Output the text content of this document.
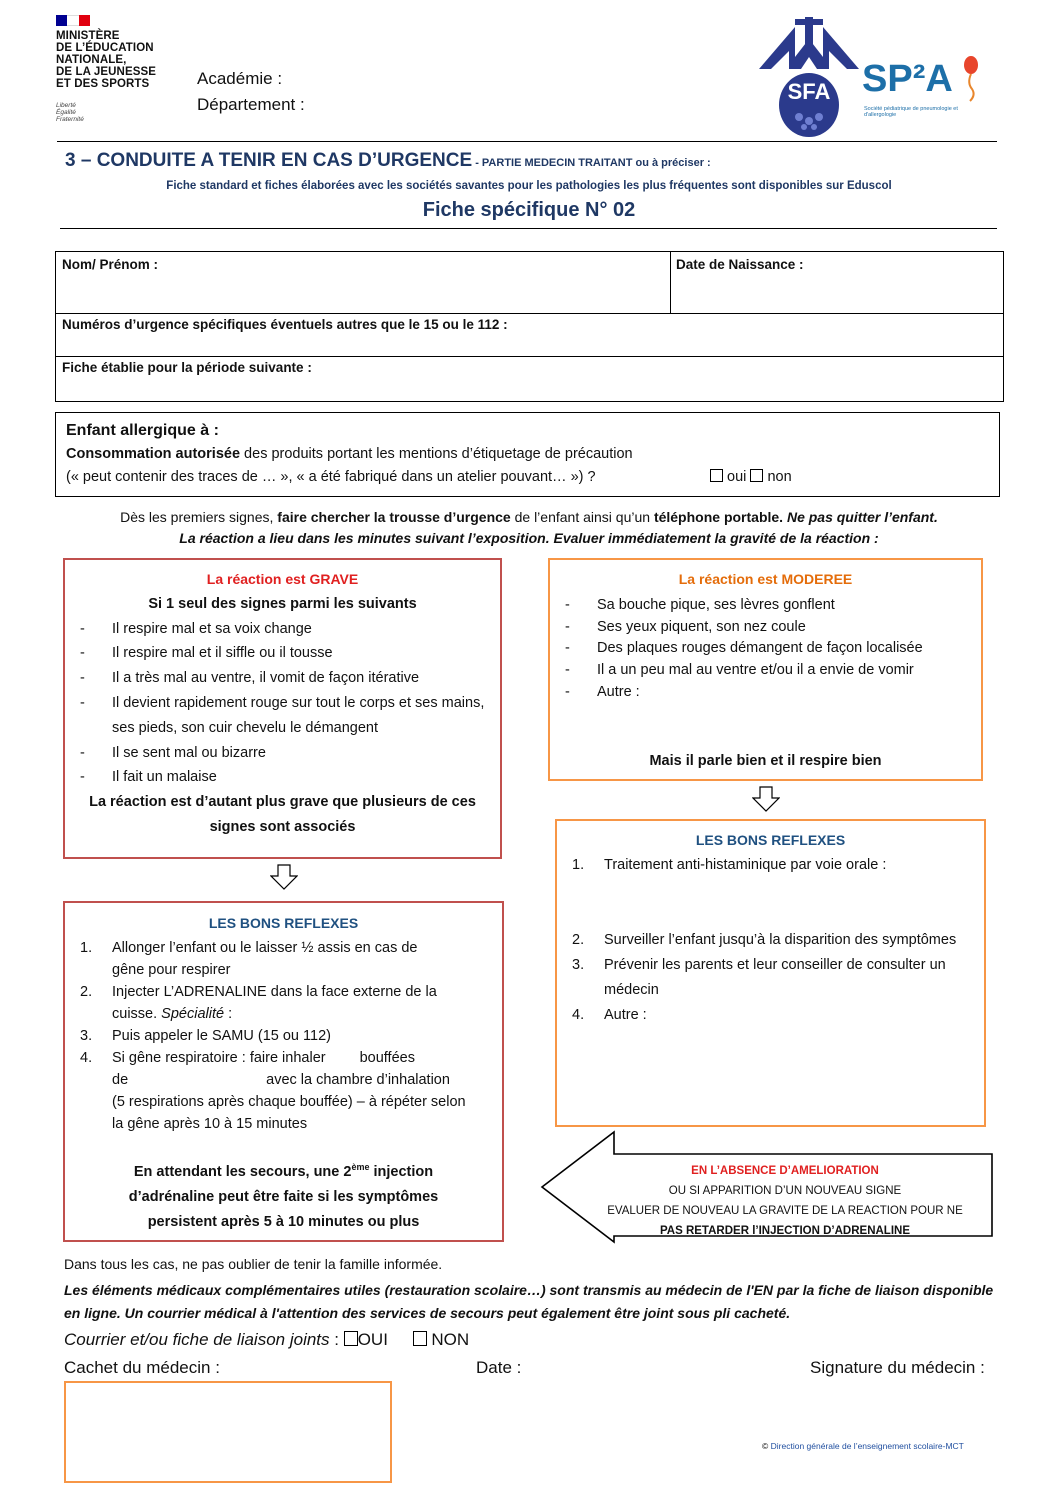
MINISTÈRE
DE L’ÉDUCATION
NATIONALE,
DE LA JEUNESSE
ET DES SPORTS
Liberté
Égalité
Fraternité
Académie :
Département :
SFA SP²A
Société pédiatrique de pneumologie et d'allergologie
3 – CONDUITE A TENIR EN CAS D’URGENCE - PARTIE MEDECIN TRAITANT ou à préciser :
Fiche standard et fiches élaborées avec les sociétés savantes pour les pathologies les plus fréquentes sont disponibles sur Eduscol
Fiche spécifique N° 02
Nom/ Prénom :	Date de Naissance :
Numéros d’urgence spécifiques éventuels autres que le 15 ou le 112 :
Fiche établie pour la période suivante :
Enfant allergique à :
Consommation autorisée des produits portant les mentions d’étiquetage de précaution
(« peut contenir des traces de … », « a été fabriqué dans un atelier pouvant… ») ?	oui non
Dès les premiers signes, faire chercher la trousse d’urgence de l’enfant ainsi qu’un téléphone portable. Ne pas quitter l’enfant.
La réaction a lieu dans les minutes suivant l’exposition. Evaluer immédiatement la gravité de la réaction :
La réaction est GRAVE
Si 1 seul des signes parmi les suivants
- Il respire mal et sa voix change
- Il respire mal et il siffle ou il tousse
- Il a très mal au ventre, il vomit de façon itérative
- Il devient rapidement rouge sur tout le corps et ses mains, ses pieds, son cuir chevelu le démangent
- Il se sent mal ou bizarre
- Il fait un malaise
La réaction est d’autant plus grave que plusieurs de ces signes sont associés
La réaction est MODEREE
- Sa bouche pique, ses lèvres gonflent
- Ses yeux piquent, son nez coule
- Des plaques rouges démangent de façon localisée
- Il a un peu mal au ventre et/ou il a envie de vomir
- Autre :
Mais il parle bien et il respire bien
LES BONS REFLEXES
1. Traitement anti-histaminique par voie orale :
2. Surveiller l’enfant jusqu’à la disparition des symptômes
3. Prévenir les parents et leur conseiller de consulter un médecin
4. Autre :
LES BONS REFLEXES
1. Allonger l’enfant ou le laisser ½ assis en cas de gêne pour respirer
2. Injecter L’ADRENALINE dans la face externe de la cuisse. Spécialité :
3. Puis appeler le SAMU (15 ou 112)
4. Si gêne respiratoire : faire inhaler bouffées
de	avec la chambre d’inhalation
(5 respirations après chaque bouffée) – à répéter selon la gêne après 10 à 15 minutes
En attendant les secours, une 2ème injection d’adrénaline peut être faite si les symptômes persistent après 5 à 10 minutes ou plus
EN L’ABSENCE D’AMELIORATION
OU SI APPARITION D’UN NOUVEAU SIGNE
EVALUER DE NOUVEAU LA GRAVITE DE LA REACTION POUR NE
PAS RETARDER l’INJECTION D’ADRENALINE
Dans tous les cas, ne pas oublier de tenir la famille informée.
Les éléments médicaux complémentaires utiles (restauration scolaire…) sont transmis au médecin de l'EN par la fiche de liaison disponible en ligne. Un courrier médical à l'attention des services de secours peut également être joint sous pli cacheté.
Courrier et/ou fiche de liaison joints : OUI	NON
Cachet du médecin :	Date :	Signature du médecin :
© Direction générale de l’enseignement scolaire-MCT
